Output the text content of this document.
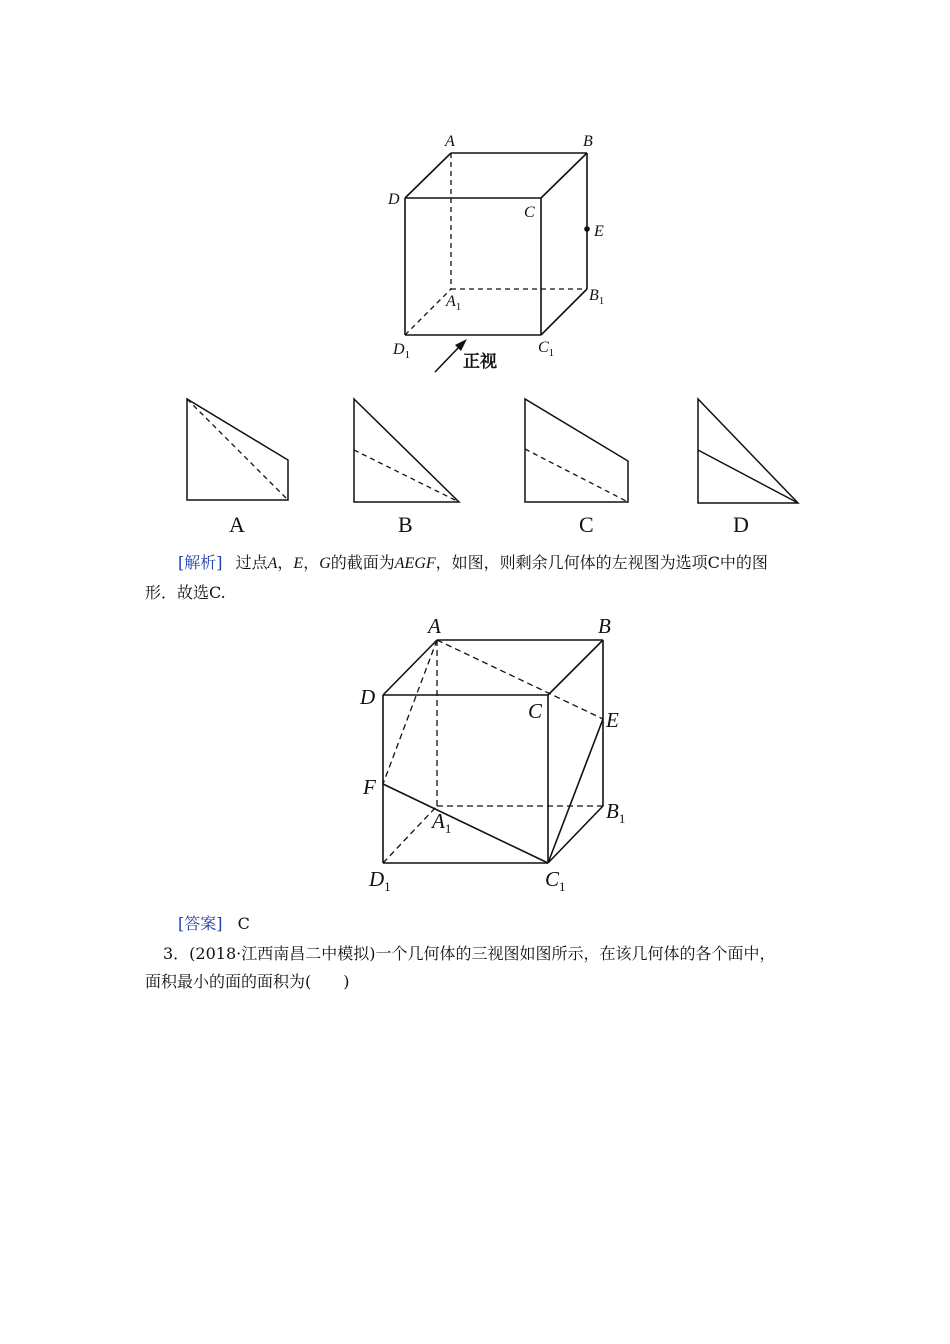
A	B
D
C
E
$A_1$
$B_1$
$D_1$	$C_1$
正视
A	B	C	D
[解析] 过点A，E，G的截面为AEGF，如图，则剩余几何体的左视图为选项C中的图
形．故选C.
A	B
D
C	E
F
$A_1$
$B_1$
$D_1$	$C_1$
[答案] C
3．(2018·江西南昌二中模拟)一个几何体的三视图如图所示，在该几何体的各个面中，
面积最小的面的面积为(　　)
